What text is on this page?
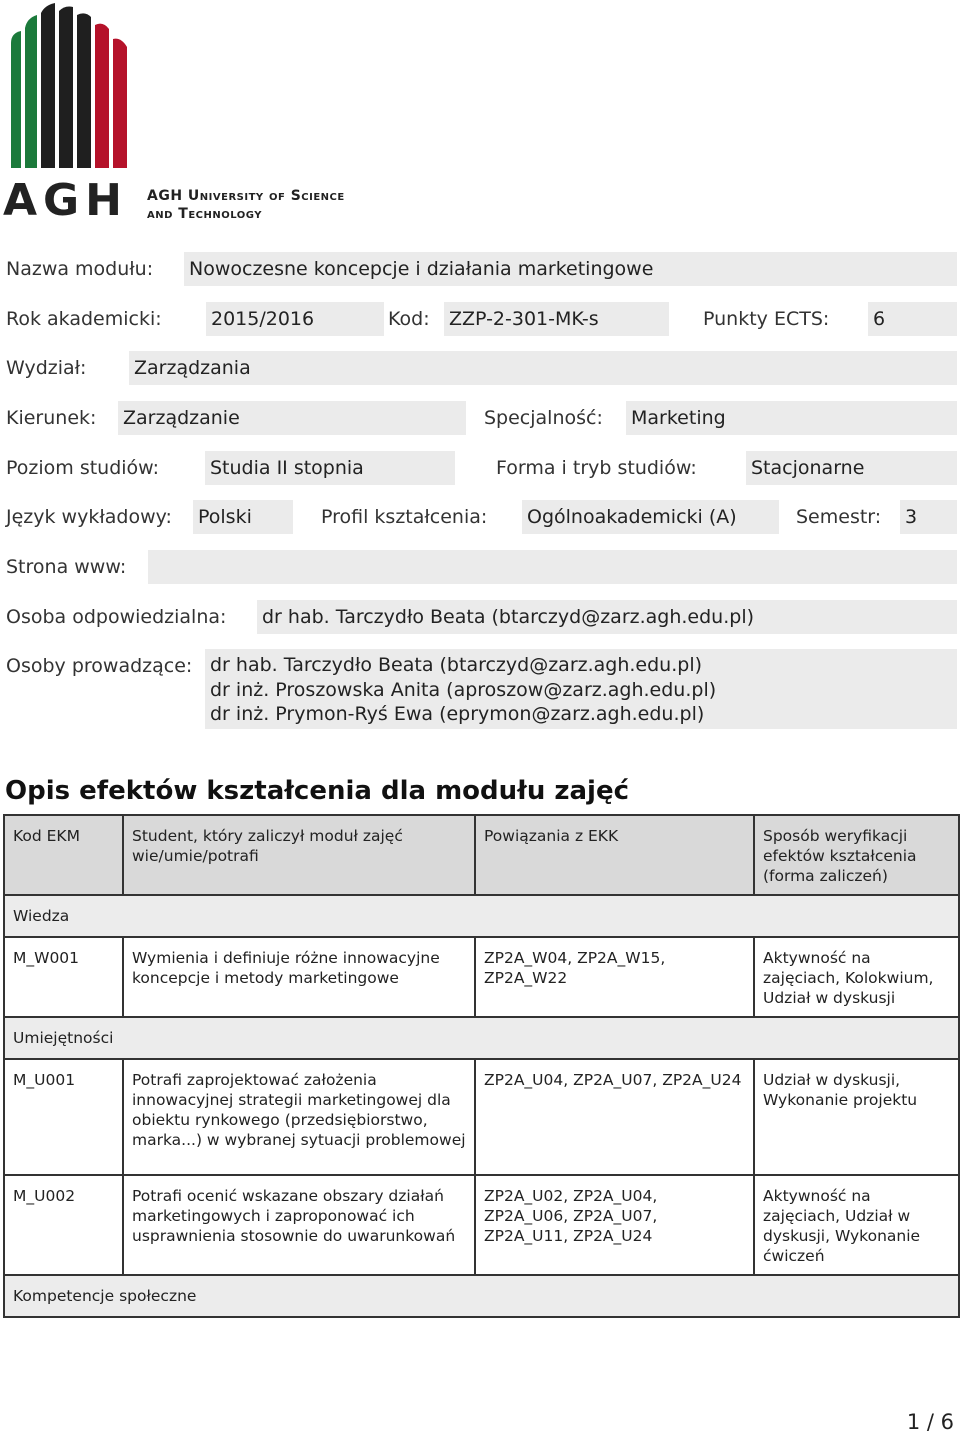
AGH AGH University of Science
and Technology
Nazwa modułu: Nowoczesne koncepcje i działania marketingowe
Rok akademicki:	2015/2016	Kod: ZZP-2-301-MK-s	Punkty ECTS: 6
Wydział:	Zarządzania
Kierunek: Zarządzanie	Specjalność: Marketing
Poziom studiów:	Studia II stopnia	Forma i tryb studiów:	Stacjonarne
Język wykładowy: Polski	Profil kształcenia: Ogólnoakademicki (A)	Semestr: 3
Strona www:
Osoba odpowiedzialna: dr hab. Tarczydło Beata (btarczyd@zarz.agh.edu.pl)
Osoby prowadzące: dr hab. Tarczydło Beata (btarczyd@zarz.agh.edu.pl)
dr inż. Proszowska Anita (aproszow@zarz.agh.edu.pl)
dr inż. Prymon-Ryś Ewa (eprymon@zarz.agh.edu.pl)
Opis efektów kształcenia dla modułu zajęć
Kod EKM	Student, który zaliczył moduł zajęć wie/umie/potrafi	Powiązania z EKK	Sposób weryfikacji efektów kształcenia (forma zaliczeń)
Wiedza			
M_W001	Wymienia i definiuje różne innowacyjne koncepcje i metody marketingowe	ZP2A_W04, ZP2A_W15, ZP2A_W22	Aktywność na zajęciach, Kolokwium, Udział w dyskusji
Umiejętności			
M_U001	Potrafi zaprojektować założenia innowacyjnej strategii marketingowej dla obiektu rynkowego (przedsiębiorstwo, marka...) w wybranej sytuacji problemowej	ZP2A_U04, ZP2A_U07, ZP2A_U24	Udział w dyskusji, Wykonanie projektu
M_U002	Potrafi ocenić wskazane obszary działań marketingowych i zaproponować ich usprawnienia stosownie do uwarunkowań	ZP2A_U02, ZP2A_U04, ZP2A_U06, ZP2A_U07, ZP2A_U11, ZP2A_U24	Aktywność na zajęciach, Udział w dyskusji, Wykonanie ćwiczeń
Kompetencje społeczne			
1 / 6
